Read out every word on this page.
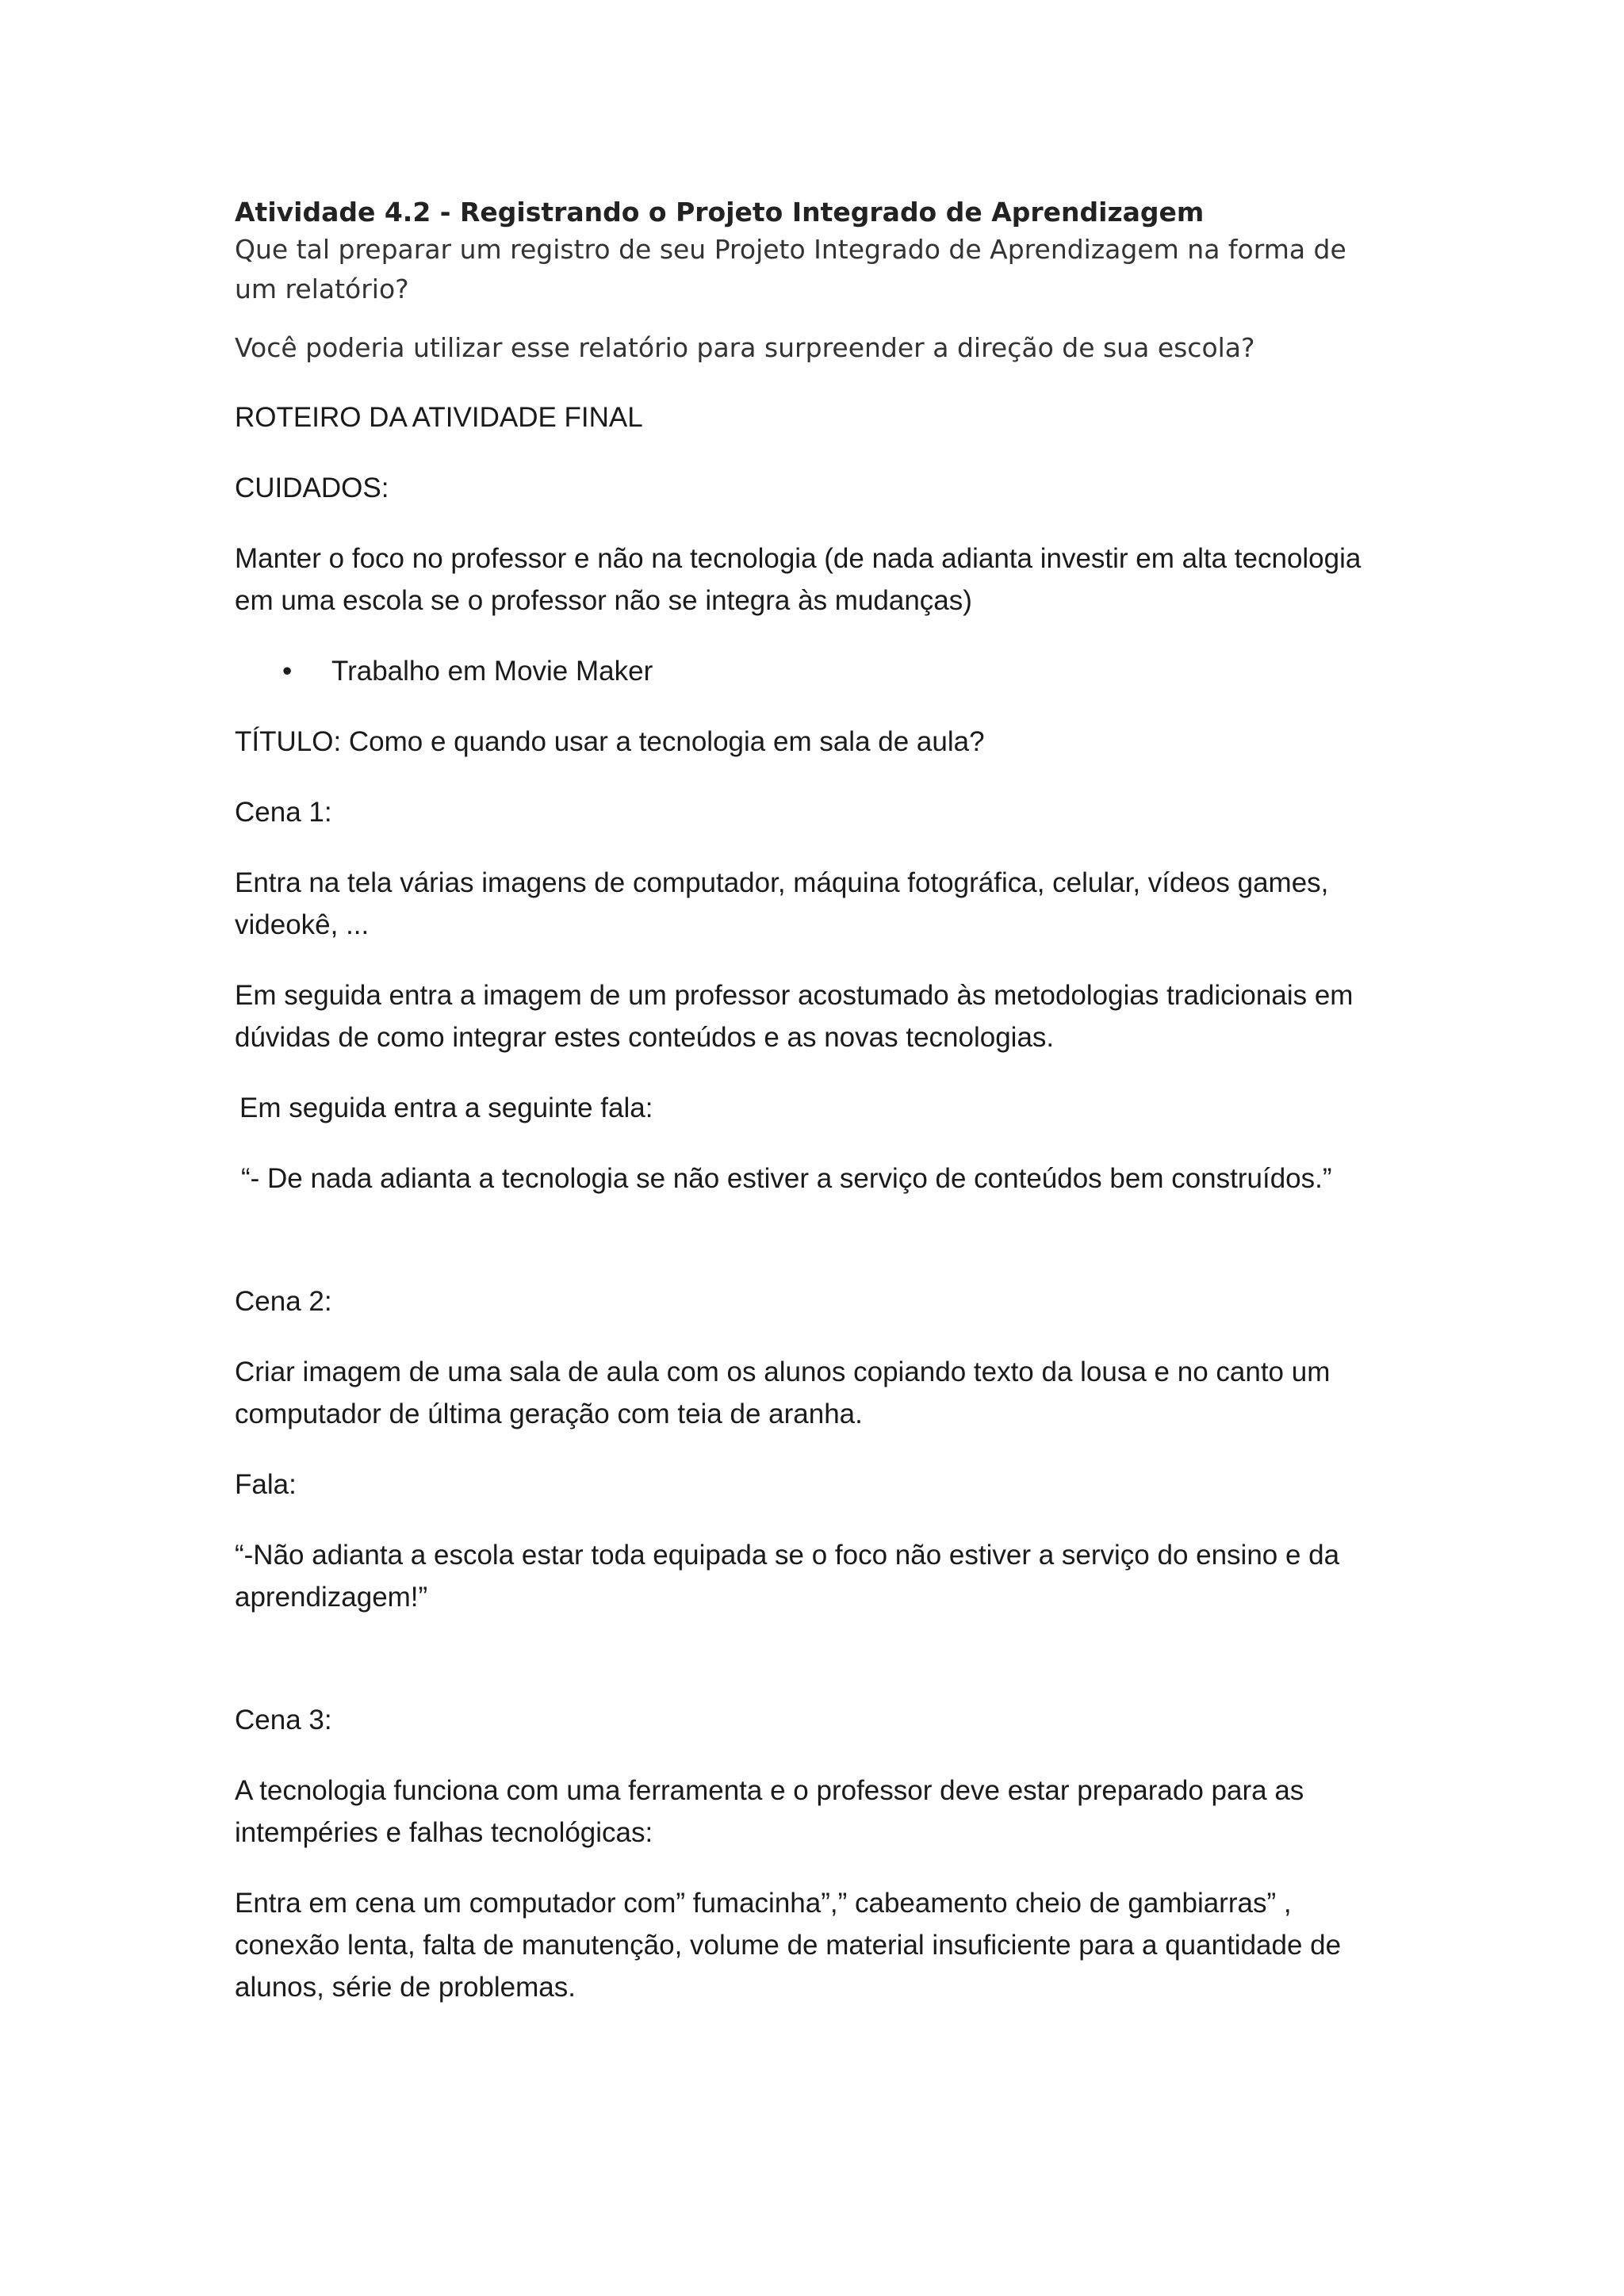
Atividade 4.2 - Registrando o Projeto Integrado de Aprendizagem

Que tal preparar um registro de seu Projeto Integrado de Aprendizagem na forma de um relatório?

Você poderia utilizar esse relatório para surpreender a direção de sua escola?

ROTEIRO DA ATIVIDADE FINAL

CUIDADOS:

Manter o foco no professor e não na tecnologia (de nada adianta investir em alta tecnologia em uma escola se o professor não se integra às mudanças)

•	Trabalho em Movie Maker

TÍTULO: Como e quando usar a tecnologia em sala de aula?

Cena 1:

Entra na tela várias imagens de computador, máquina fotográfica, celular, vídeos games, videokê, ...

Em seguida entra a imagem de um professor acostumado às metodologias tradicionais em dúvidas de como integrar estes conteúdos e as novas tecnologias.

Em seguida entra a seguinte fala:

“- De nada adianta a tecnologia se não estiver a serviço de conteúdos bem construídos.”

Cena 2:

Criar imagem de uma sala de aula com os alunos copiando texto da lousa e no canto um computador de última geração com teia de aranha.

Fala:

“-Não adianta a escola estar toda equipada se o foco não estiver a serviço do ensino e da aprendizagem!”

Cena 3:

A tecnologia funciona com uma ferramenta e o professor deve estar preparado para as intempéries e falhas tecnológicas:

Entra em cena um computador com” fumacinha”,” cabeamento cheio de gambiarras” , conexão lenta, falta de manutenção, volume de material insuficiente para a quantidade de alunos, série de problemas.
